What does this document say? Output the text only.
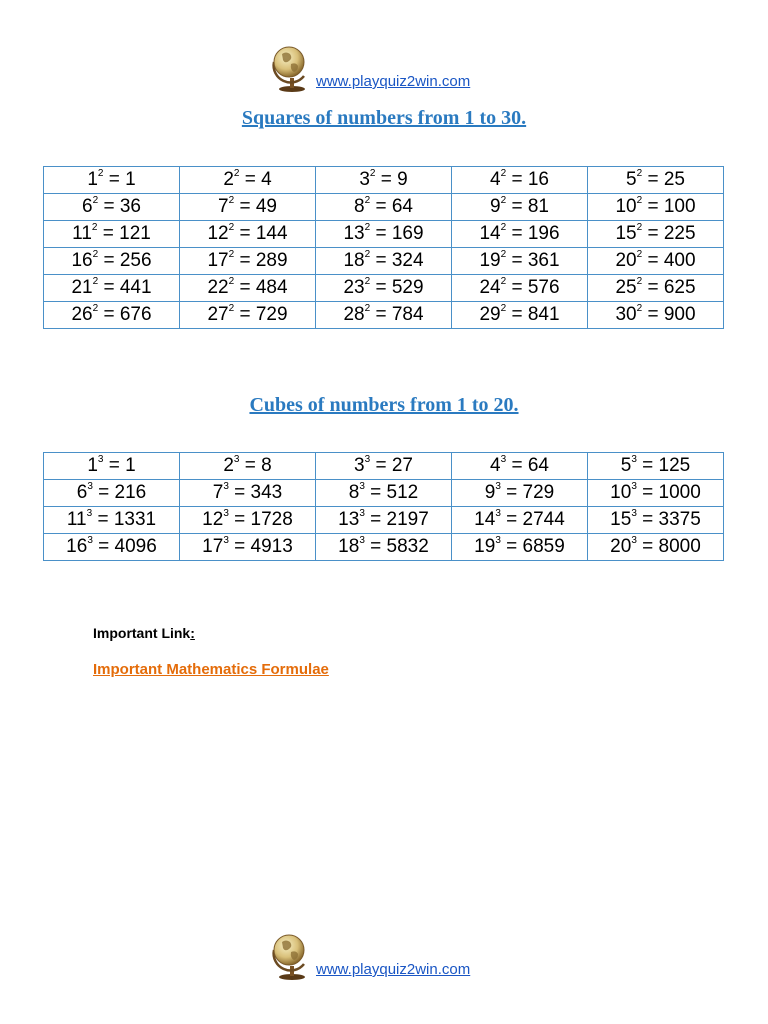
www.playquiz2win.com
Squares of numbers from 1 to 30.
$1^2 = 1$	$2^2 = 4$	$3^2 = 9$	$4^2 = 16$	$5^2 = 25$
$6^2 = 36$	$7^2 = 49$	$8^2 = 64$	$9^2 = 81$	$10^2 = 100$
$11^2 = 121$	$12^2 = 144$	$13^2 = 169$	$14^2 = 196$	$15^2 = 225$
$16^2 = 256$	$17^2 = 289$	$18^2 = 324$	$19^2 = 361$	$20^2 = 400$
$21^2 = 441$	$22^2 = 484$	$23^2 = 529$	$24^2 = 576$	$25^2 = 625$
$26^2 = 676$	$27^2 = 729$	$28^2 = 784$	$29^2 = 841$	$30^2 = 900$
Cubes of numbers from 1 to 20.
$1^3 = 1$	$2^3 = 8$	$3^3 = 27$	$4^3 = 64$	$5^3 = 125$
$6^3 = 216$	$7^3 = 343$	$8^3 = 512$	$9^3 = 729$	$10^3 = 1000$
$11^3 = 1331$	$12^3 = 1728$	$13^3 = 2197$	$14^3 = 2744$	$15^3 = 3375$
$16^3 = 4096$	$17^3 = 4913$	$18^3 = 5832$	$19^3 = 6859$	$20^3 = 8000$
Important Link:
Important Mathematics Formulae
www.playquiz2win.com
